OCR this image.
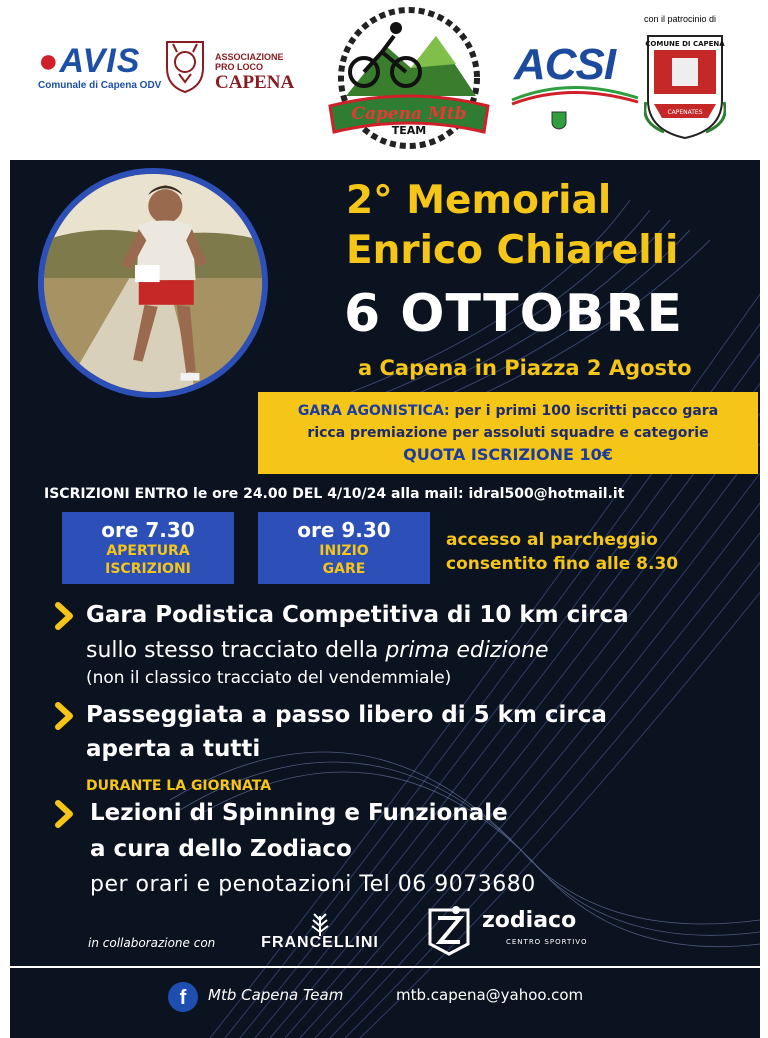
●AVIS
Comunale di Capena ODV
ASSOCIAZIONE
PRO LOCO
CAPENA
Capena Mtb
TEAM
ACSI
con il patrocinio di
COMUNE DI CAPENA
CAPENATES
2° Memorial
Enrico Chiarelli
6 OTTOBRE
a Capena in Piazza 2 Agosto
GARA AGONISTICA: per i primi 100 iscritti pacco gara
ricca premiazione per assoluti squadre e categorie
QUOTA ISCRIZIONE 10€
ISCRIZIONI ENTRO le ore 24.00 DEL 4/10/24 alla mail: idral500@hotmail.it
ore 7.30
APERTURA
ISCRIZIONI
ore 9.30
INIZIO
GARE
accesso al parcheggio
consentito fino alle 8.30
Gara Podistica Competitiva di 10 km circa
sullo stesso tracciato della prima edizione
(non il classico tracciato del vendemmiale)
Passeggiata a passo libero di 5 km circa
aperta a tutti
DURANTE LA GIORNATA
Lezioni di Spinning e Funzionale
a cura dello Zodiaco
per orari e penotazioni Tel 06 9073680
in collaborazione con	FRANCELLINI
zodiaco
CENTRO SPORTIVO
f	Mtb Capena Team	mtb.capena@yahoo.com
